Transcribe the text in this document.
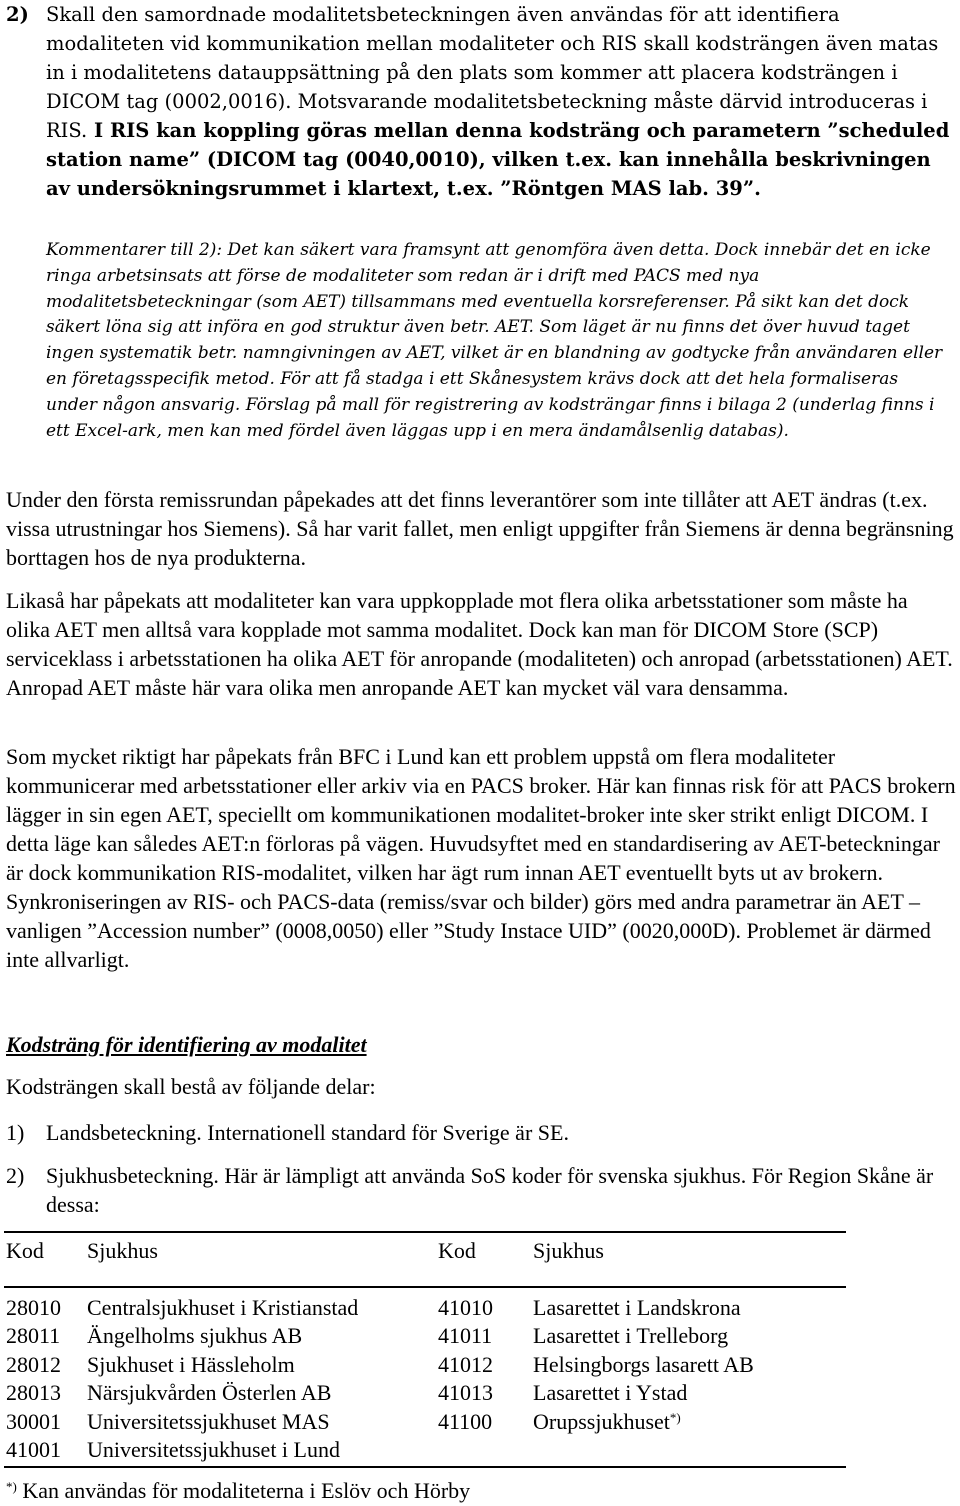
2) Skall den samordnade modalitetsbeteckningen även användas för att identifiera modaliteten vid kommunikation mellan modaliteter och RIS skall kodsträngen även matas in i modalitetens datauppsättning på den plats som kommer att placera kodsträngen i DICOM tag (0002,0016). Motsvarande modalitetsbeteckning måste därvid introduceras i RIS. I RIS kan koppling göras mellan denna kodsträng och parametern ”scheduled station name” (DICOM tag (0040,0010), vilken t.ex. kan innehålla beskrivningen av undersökningsrummet i klartext, t.ex. ”Röntgen MAS lab. 39”.
Kommentarer till 2): Det kan säkert vara framsynt att genomföra även detta. Dock innebär det en icke ringa arbetsinsats att förse de modaliteter som redan är i drift med PACS med nya modalitetsbeteckningar (som AET) tillsammans med eventuella korsreferenser. På sikt kan det dock säkert löna sig att införa en god struktur även betr. AET. Som läget är nu finns det över huvud taget ingen systematik betr. namngivningen av AET, vilket är en blandning av godtycke från användaren eller en företagsspecifik metod. För att få stadga i ett Skånesystem krävs dock att det hela formaliseras under någon ansvarig. Förslag på mall för registrering av kodsträngar finns i bilaga 2 (underlag finns i ett Excel-ark, men kan med fördel även läggas upp i en mera ändamålsenlig databas).

Under den första remissrundan påpekades att det finns leverantörer som inte tillåter att AET ändras (t.ex. vissa utrustningar hos Siemens). Så har varit fallet, men enligt uppgifter från Siemens är denna begränsning borttagen hos de nya produkterna.

Likaså har påpekats att modaliteter kan vara uppkopplade mot flera olika arbetsstationer som måste ha olika AET men alltså vara kopplade mot samma modalitet. Dock kan man för DICOM Store (SCP) serviceklass i arbetsstationen ha olika AET för anropande (modaliteten) och anropad (arbetsstationen) AET. Anropad AET måste här vara olika men anropande AET kan mycket väl vara densamma.

Som mycket riktigt har påpekats från BFC i Lund kan ett problem uppstå om flera modaliteter kommunicerar med arbetsstationer eller arkiv via en PACS broker. Här kan finnas risk för att PACS brokern lägger in sin egen AET, speciellt om kommunikationen modalitet-broker inte sker strikt enligt DICOM. I detta läge kan således AET:n förloras på vägen. Huvudsyftet med en standardisering av AET-beteckningar är dock kommunikation RIS-modalitet, vilken har ägt rum innan AET eventuellt byts ut av brokern. Synkroniseringen av RIS- och PACS-data (remiss/svar och bilder) görs med andra parametrar än AET – vanligen ”Accession number” (0008,0050) eller ”Study Instace UID” (0020,000D). Problemet är därmed inte allvarligt.

Kodsträng för identifiering av modalitet
Kodsträngen skall bestå av följande delar:
1) Landsbeteckning. Internationell standard för Sverige är SE.
2) Sjukhusbeteckning. Här är lämpligt att använda SoS koder för svenska sjukhus. För Region Skåne är dessa:
Kod Sjukhus	Kod	Sjukhus
28010 Centralsjukhuset i Kristianstad
28011 Ängelholms sjukhus AB
28012 Sjukhuset i Hässleholm
28013 Närsjukvården Österlen AB
30001 Universitetssjukhuset MAS
41001 Universitetssjukhuset i Lund
41010 Lasarettet i Landskrona
41011 Lasarettet i Trelleborg
41012 Helsingborgs lasarett AB
41013 Lasarettet i Ystad
41100 Orupssjukhuset*)
*) Kan användas för modaliteterna i Eslöv och Hörby
